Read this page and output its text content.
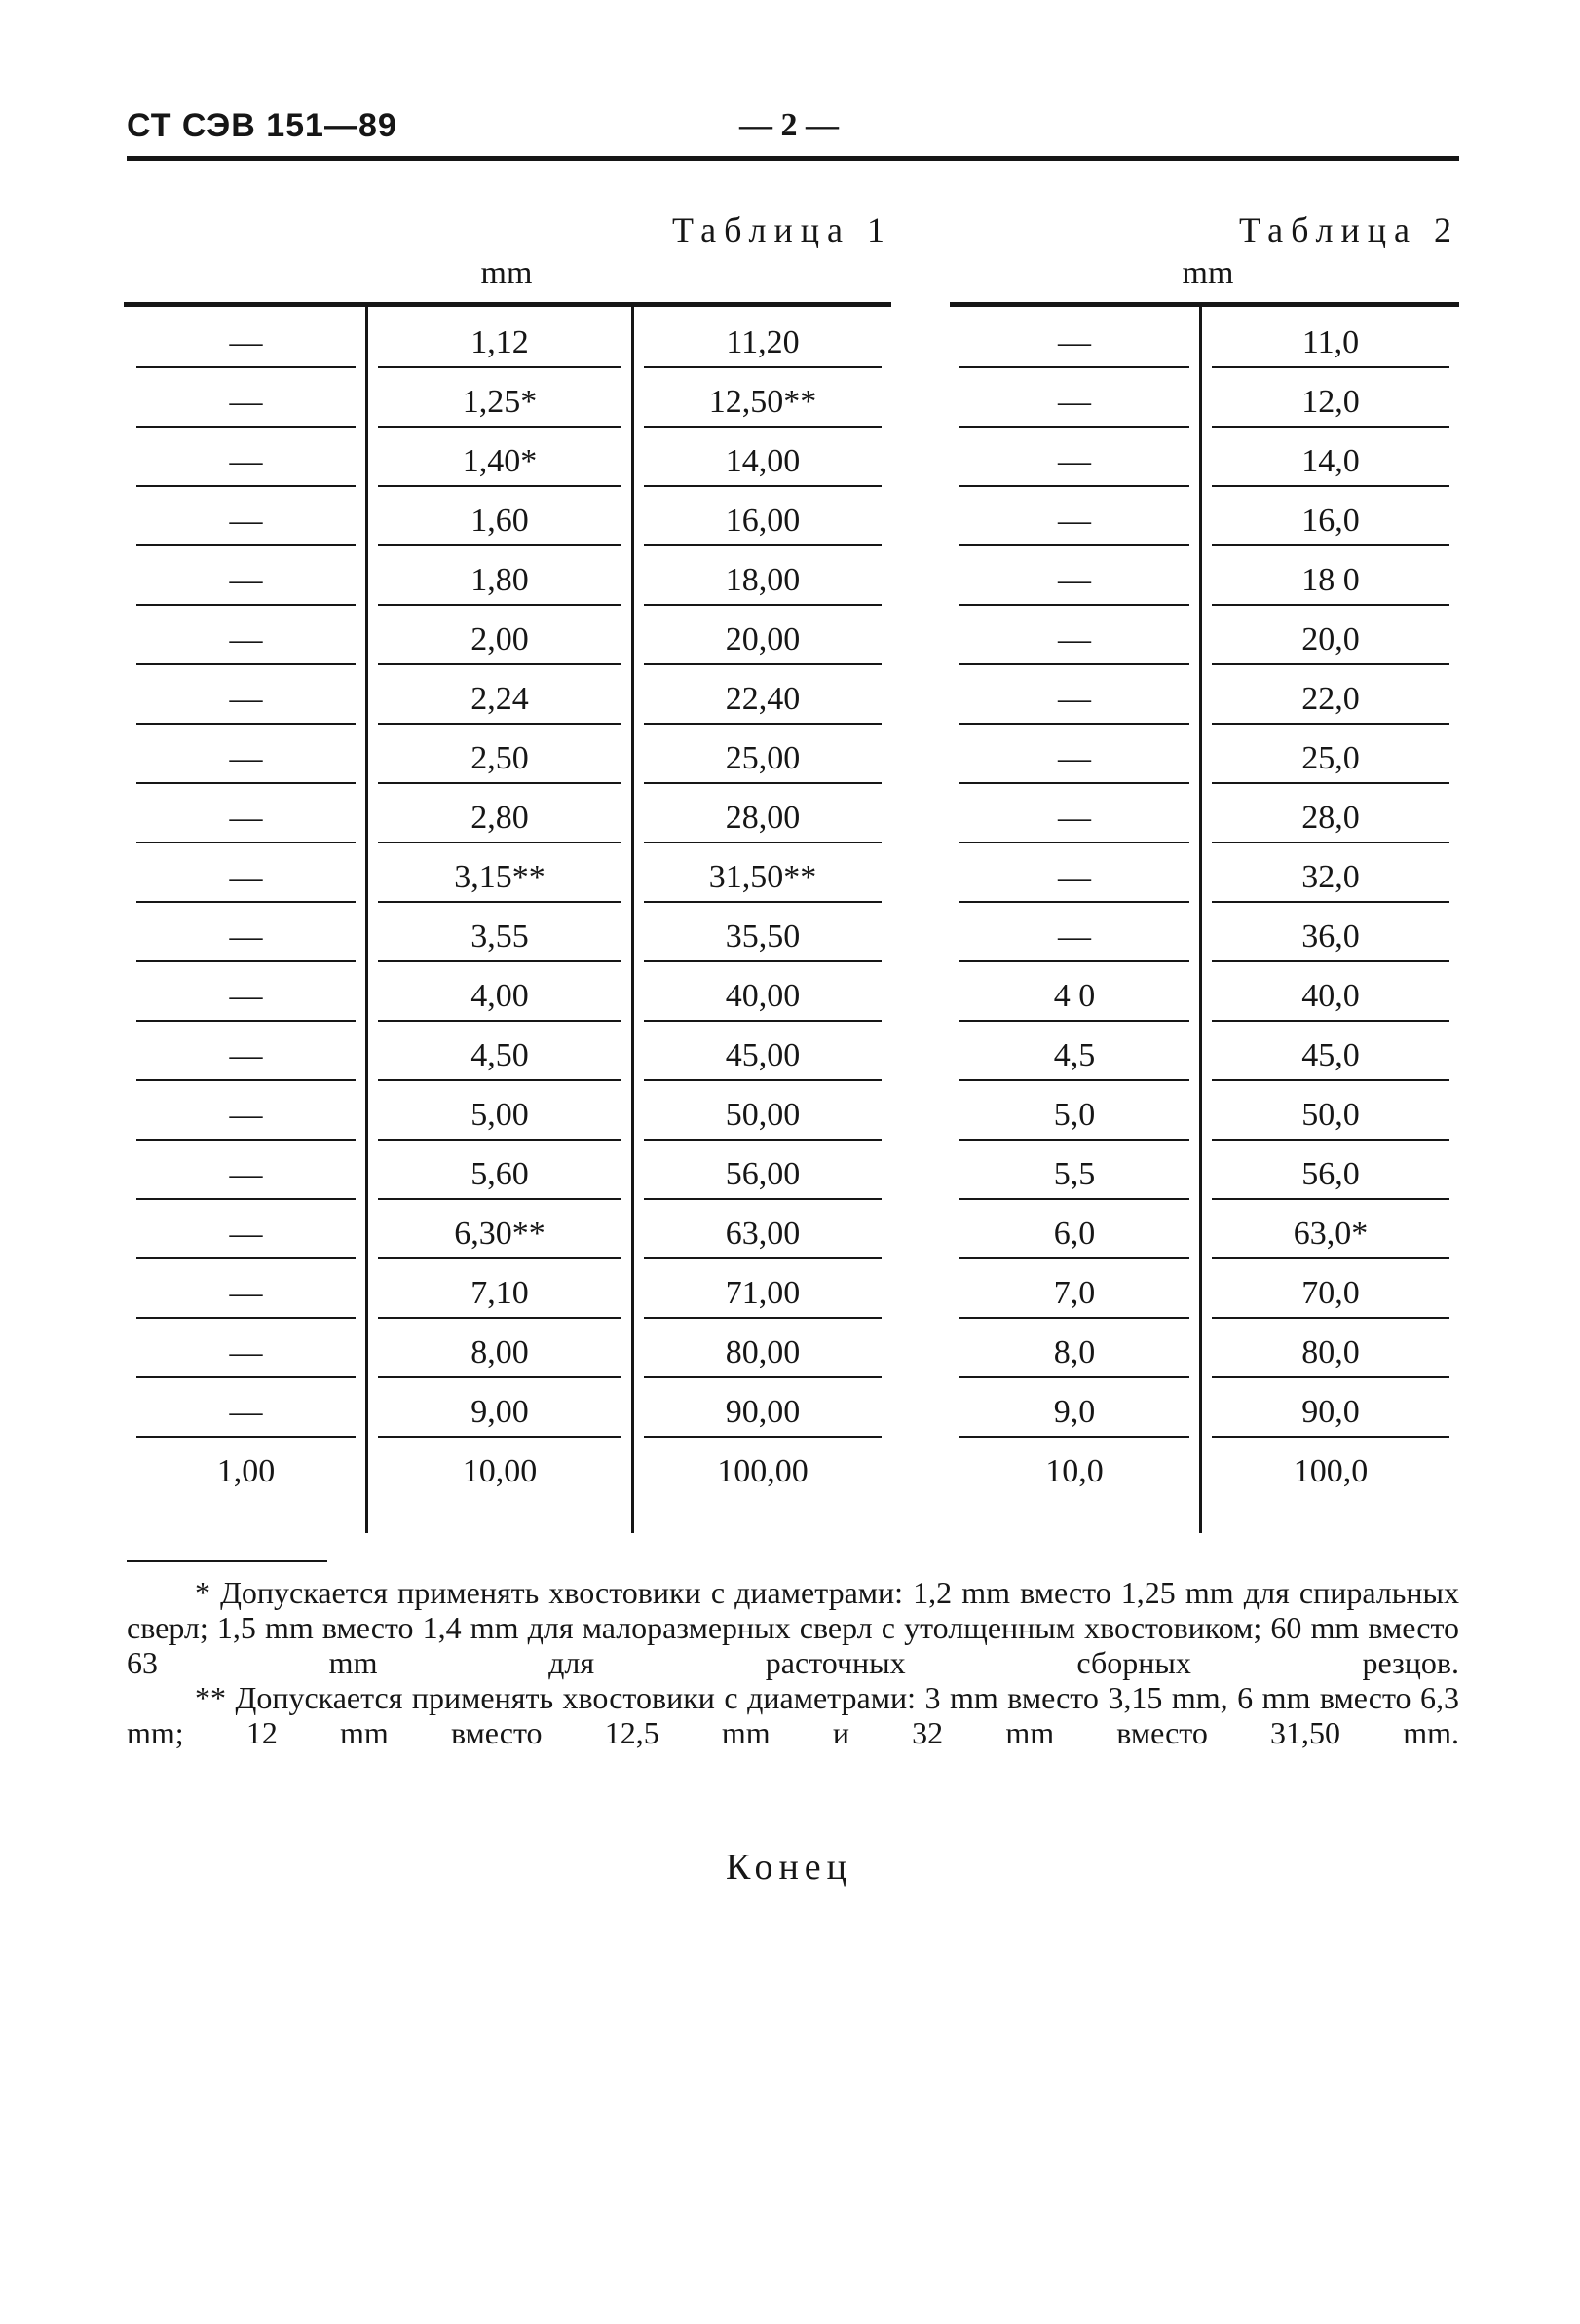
СТ СЭВ 151—89	— 2 —
Таблица 1	Таблица 2
mm	mm
—	1,12	11,20
—	1,25*	12,50**
—	1,40*	14,00
—	1,60	16,00
—	1,80	18,00
—	2,00	20,00
—	2,24	22,40
—	2,50	25,00
—	2,80	28,00
—	3,15**	31,50**
—	3,55	35,50
—	4,00	40,00
—	4,50	45,00
—	5,00	50,00
—	5,60	56,00
—	6,30**	63,00
—	7,10	71,00
—	8,00	80,00
—	9,00	90,00
1,00	10,00	100,00
—	11,0
—	12,0
—	14,0
—	16,0
—	18 0
—	20,0
—	22,0
—	25,0
—	28,0
—	32,0
—	36,0
4 0	40,0
4,5	45,0
5,0	50,0
5,5	56,0
6,0	63,0*
7,0	70,0
8,0	80,0
9,0	90,0
10,0	100,0
* Допускается применять хвостовики с диаметрами: 1,2 mm вместо 1,25 mm для спиральных сверл; 1,5 mm вместо 1,4 mm для малоразмерных сверл с утолщенным хвостовиком; 60 mm вместо 63 mm для расточных сборных резцов.
** Допускается применять хвостовики с диаметрами: 3 mm вместо 3,15 mm, 6 mm вместо 6,3 mm; 12 mm вместо 12,5 mm и 32 mm вместо 31,50 mm.
Конец
